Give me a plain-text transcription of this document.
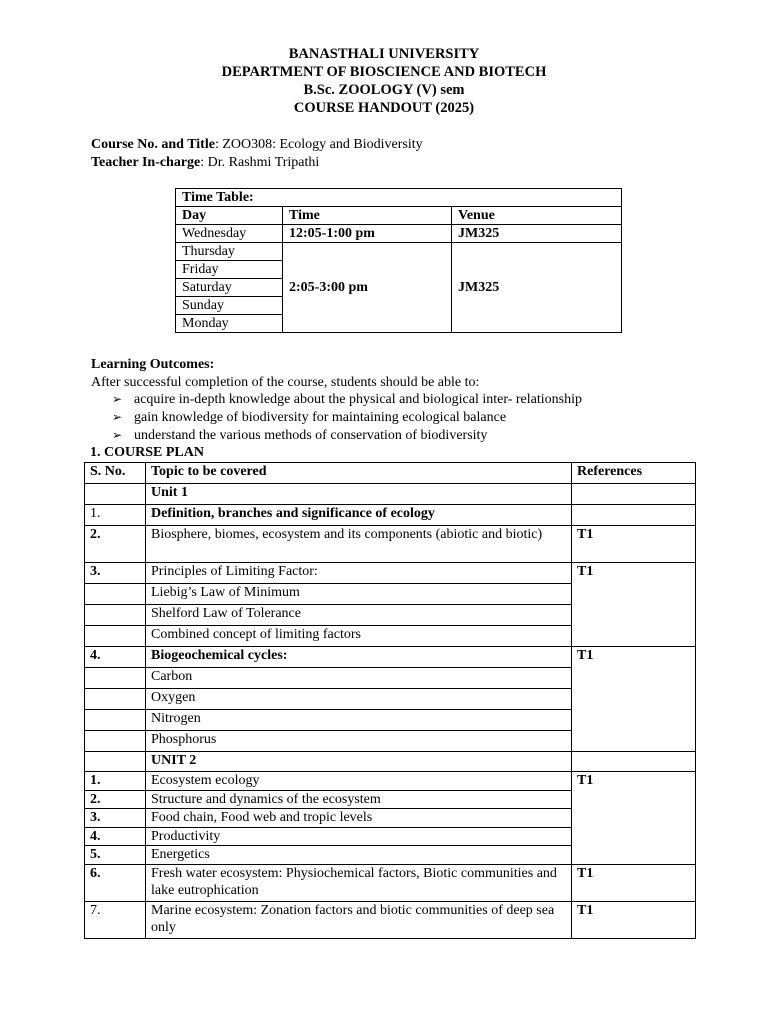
BANASTHALI UNIVERSITY
DEPARTMENT OF BIOSCIENCE AND BIOTECH
B.Sc. ZOOLOGY (V) sem
COURSE HANDOUT (2025)
Course No. and Title: ZOO308: Ecology and Biodiversity
Teacher In-charge: Dr. Rashmi Tripathi
Time Table:		
Day	Time	Venue
Wednesday	12:05-1:00 pm	JM325
Thursday	2:05-3:00 pm	JM325
Friday		
Saturday		
Sunday		
Monday		
Learning Outcomes:
After successful completion of the course, students should be able to:
➢ acquire in-depth knowledge about the physical and biological inter- relationship
➢ gain knowledge of biodiversity for maintaining ecological balance
➢ understand the various methods of conservation of biodiversity
1. COURSE PLAN
S. No.	Topic to be covered	References
	Unit 1	
1.	Definition, branches and significance of ecology	
2.	Biosphere, biomes, ecosystem and its components (abiotic and biotic)	T1
3.	Principles of Limiting Factor:	T1
	Liebig’s Law of Minimum	
	Shelford Law of Tolerance	
	Combined concept of limiting factors	
4.	Biogeochemical cycles:	T1
	Carbon	
	Oxygen	
	Nitrogen	
	Phosphorus	
	UNIT 2	
1.	Ecosystem ecology	T1
2.	Structure and dynamics of the ecosystem	
3.	Food chain, Food web and tropic levels	
4.	Productivity	
5.	Energetics	
6.	Fresh water ecosystem: Physiochemical factors, Biotic communities and lake eutrophication	T1
7.	Marine ecosystem: Zonation factors and biotic communities of deep sea only	T1
